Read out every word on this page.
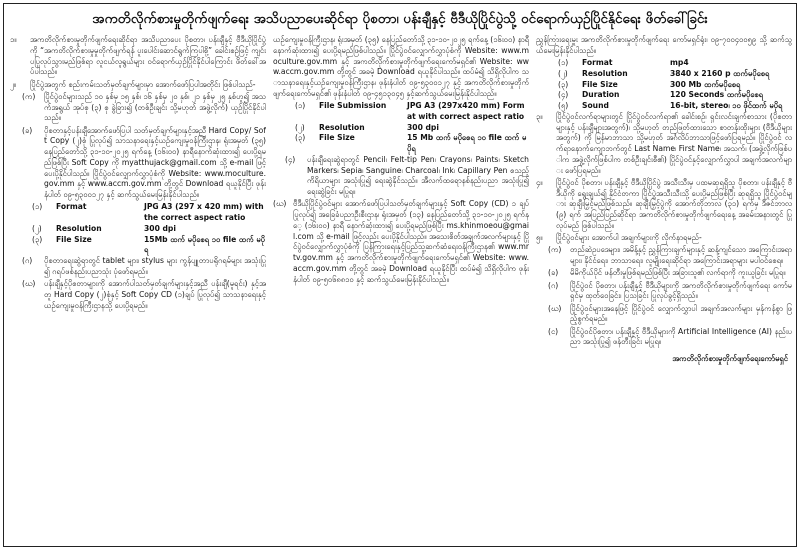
အကတိလိုက်စားမှုတိုက်ဖျက်ရေး အသိပညာပေးဆိုင်ရာ ပိုစတာ၊ ပန်းချီနှင့် ဗီဒီယိုပြိုင်ပွဲသို့ ဝင်ရောက်ယှဉ်ပြိုင်နိုင်ရေး ဖိတ်ခေါ်ခြင်း
၁။	အကတိလိုက်စားမှုတိုက်ဖျက်ရေးဆိုင်ရာ အသိပညာပေး ပိုစတာ၊ ပန်းချီနှင့် ဗီဒီယိုပြိုင်ပွဲကို “အကတိလိုက်စားမှုမှုတိုက်ဖျက်ရန် ပူးပေါင်းဆောင်ရွက်ကြပါစို့” ခေါင်းစဉ်ဖြင့် ကျင်းပပြုလုပ်သွားမည်ဖြစ်ရာ လူငယ်လူရွယ်များ ဝင်ရောက်ယှဉ်ပြိုင်နိုင်ပါကြောင်း ဖိတ်ခေါ်အပ်ပါသည်။
၂။	ပြိုင်ပွဲအတွက် စည်းကမ်းသတ်မှတ်ချက်များမှာ အောက်ဖော်ပြပါအတိုင်း ဖြစ်ပါသည်-
(က)	ပြိုင်ပွဲဝင်များသည် ၁၀ နှစ်မှ ၁၅ နှစ်၊ ၁၆ နှစ်မှ ၂၀ နှစ်၊ ၂၁ နှစ်မှ ၂၅ နှစ်ဟူ၍ အသက်အရွယ် အုပ်စု (၃) စု ခွဲခြား၍ (တစ်ဦးချင်း သို့မဟုတ် အဖွဲ့လိုက်) ယှဉ်ပြိုင်နိုင်ပါသည်။
(ခ)	ပိုစတာနှင့်ပန်းချီအောက်ဖော်ပြပါ သတ်မှတ်ချက်များနှင့်အညီ Hard Copy/ Soft Copy (၂)စုံ ပြုလုပ်၍ သာသနာရေးနှင့်ယဉ်ကျေးမှုဝန်ကြီးဌာန၊ ရုံးအမှတ် (၃၅) နေပြည်တော်သို့ ၃၁-၁၀-၂၀၂၅ ရက်နေ့ (၁၆း၀၀) နာရီနောက်ဆုံးထား၍ ပေးပို့ရမည်ဖြစ်ပြီး Soft Copy ကို myatthujack@gmail.com သို့ e-mail ဖြင့်ပေးပို့နိုင်ပါသည်။ ပြိုင်ပွဲဝင်လျှောက်လွှာပုံစံကို Website: www.moculture.gov.mm နှင့် www.accm.gov.mm တို့တွင် Download ရယူနိုင်ပြီး ဖုန်းနံပါတ် ၀၉-၅၃၀၀၁၂၇ နှင့် ဆက်သွယ်မေးမြန်းနိုင်ပါသည်။
(၁)	Format	JPG A3 (297 x 420 mm) with the correct aspect ratio
(၂)	Resolution	300 dpi
(၃)	File Size	15Mb ထက် မပိုစေရ ၁၀ file ထက် မပိုရ
(ဂ)	ပိုစတာရေးဆွဲရာတွင် tablet များ၊ stylus များ ကွန်ပျူတာပရိုဂရမ်များ အသုံးပြု၍ ဂရပ်ဖစ်နည်းပညာသုံး ပုံဖော်ရမည်။
(ဃ)	ပန်းချီနှင့်ပိုစတာများကို အောက်ပါသတ်မှတ်ချက်များနှင့်အညီ ပန်းချီ(မူရင်း) နှင့်အတူ Hard Copy (၂)စုံနှင့် Soft Copy CD (၁)ချပ် ပြုလုပ်၍ သာသနာရေးနှင့်ယဉ်ကျေးမှုဝန်ကြီးဌာနသို့ ပေးပို့ရမည်။
ယဉ်ကျေးမှုဝန်ကြီးဌာန၊ ရုံးအမှတ် (၃၅) နေပြည်တော်သို့ ၃၁-၁၀-၂၀၂၅ ရက်နေ့ (၁၆း၀၀) နာရီနောက်ဆုံးထား၍ ပေးပို့ရမည်ဖြစ်ပါသည်။ ပြိုင်ပွဲဝင်လျှောက်လွှာပုံစံကို Website: www.moculture.gov.mm နှင့် အကတိလိုက်စားမှုတိုက်ဖျက်ရေးကော်မရှင်၏ Website: www.accm.gov.mm တို့တွင် အခမဲ့ Download ရယူနိုင်ပါသည်။ ထပ်မံ၍ သိရှိလိုပါက သာသနာရေးနှင့်ယဉ်ကျေးမှုဝန်ကြီးဌာန၊ ဖုန်းနံပါတ် ၀၉-၅၃၀၀၁၂၇ နှင့် အကတိလိုက်စားမှုတိုက်ဖျက်ရေးကော်မရှင်၏ ဖုန်းနံပါတ် ၀၉-၄၅၁၃၀၄၅ နှင့်ဆက်သွယ်မေးမြန်းနိုင်ပါသည်။
(၁)	File Submission	JPG A3 (297x420 mm) Format with correct aspect ratio
(၂)	Resolution	300 dpi
(၃)	File Size	15 Mb ထက် မပိုစေရ ၁၀ file ထက် မပိုရ
(၄)	ပန်းချီရေးဆွဲရာတွင် Pencil၊ Felt-tip Pen၊ Crayons၊ Paints၊ Sketch Markers၊ Sepia၊ Sanguine၊ Charcoal၊ Ink၊ Capillary Pen စသည့် ကိရိယာများ အသုံးပြု၍ ရေးဆွဲနိုင်သည်။ အီလက်ထရောနစ်နည်းပညာ အသုံးပြု၍ ရေးဆွဲခြင်း မပြုရ။
(ဃ) ဗီဒီယိုပြိုင်ပွဲဝင်များ အောက်ဖော်ပြပါသတ်မှတ်ချက်များနှင့် Soft Copy (CD) ၁ ချပ် ပြုလုပ်၍ အခြေခံပညာဦးစီးဌာန၊ ရုံးအမှတ် (၁၃) နေပြည်တော်သို့ ၃၁-၁၀-၂၀၂၅ ရက်နေ့ (၁၆း၀၀) နာရီ နောက်ဆုံးထား၍ ပေးပို့ရမည်ဖြစ်ပြီး ms.khinmoeou@gmail.com သို့ e-mail ဖြင့်လည်း ပေးပို့နိုင်ပါသည်။ အသေးစိတ်အချက်အလက်များနှင့် ပြိုင်ပွဲဝင်လျှောက်လွှာပုံစံကို ပြန်ကြားရေးနှင့်ပြည်သူ့ဆက်ဆံရေးဝန်ကြီးဌာန၏ www.mrtv.gov.mm နှင့် အကတိလိုက်စားမှုတိုက်ဖျက်ရေးကော်မရှင်၏ Website: www.accm.gov.mm တို့တွင် အခမဲ့ Download ရယူနိုင်ပြီး ထပ်မံ၍ သိရှိလိုပါက ဖုန်းနံပါတ် ၀၉-၅၀၆၈၈၁၀ နှင့် ဆက်သွယ်မေးမြန်းနိုင်ပါသည်။
ညွှန်ကြားရေးမှူး အကတိလိုက်စားမှုတိုက်ဖျက်ရေး ကော်မရှင်ရုံး၊ ၀၉-၇၀၀၄၀၀၅၉ သို့ ဆက်သွယ်မေးမြန်းနိုင်ပါသည်။
(၁)	Format	mp4
(၂)	Resolution	3840 x 2160 p ထက်မပိုစေရ
(၃)	File Size	300 Mb ထက်မပိုစေရ
(၄)	Duration	120 Seconds ထက်မပိုစေရ
(၅)	Sound	16-bit, stereo၊ ၁၀ ဖိုင်ထက် မပိုရ
၃။	ပြိုင်ပွဲဝင်လက်ရာများတွင် ပြိုင်ပွဲဝင်လက်ရာ၏ ခေါင်းစဉ်၊ ရှင်းလင်းချက်စာသား (ပိုစတာများနှင့် ပန်းချီများအတွက်)၊ သို့မဟုတ် တည်ဖြတ်ထားသော စာတန်းထိုးများ (ဗီဒီယိုများအတွက်) ကို မြန်မာဘာသာ သို့မဟုတ် အင်္ဂလိပ်ဘာသာဖြင့်ဖော်ပြရမည်။ ပြိုင်ပွဲဝင် လက်ရာနောက်ကျောဘက်တွင် Last Name၊ First Name၊ အသက်၊ (အဖွဲ့လိုက်ဖြစ်ပါက အဖွဲ့လိုက်ဖြစ်ပါက တစ်ဦးချင်းစီ၏) ပြိုင်ပွဲဝင်နှင့်လျှောက်လွှာပါ အချက်အလက်များ ဖော်ပြရမည်။
၄။	ပြိုင်ပွဲဝင် ပိုစတာ၊ ပန်းချီနှင့် ဗီဒီယိုပြိုင်ပွဲ အသီးသီးမှ ပထမဆုရရှိသူ ပိုစတာ၊ ပန်းချီနှင့် ဗီဒီယိုကို ရွေးချယ်၍ နိုင်ငံတကာ ပြိုင်ပွဲအသီးသီးသို့ ပေးပို့မည်ဖြစ်ပြီး ဆုရရှိသူ ပြိုင်ပွဲဝင်များ ဆုချီးမြှင့်မည်ဖြစ်သည်။ ဆုချီးမြှင့်ပွဲကို အောက်တိုဘာလ (၃၁) ရက်မှ ဒီဇင်ဘာလ (၉) ရက် အပြည်ပြည်ဆိုင်ရာ အကတိလိုက်စားမှုတိုက်ဖျက်ရေးနေ့ အခမ်းအနားတွင် ပြုလုပ်မည် ဖြစ်ပါသည်။
၅။	ပြိုင်ပွဲဝင်များ အောက်ပါ အချက်များကို လိုက်နာရမည်-
(က)	တည်ဆဲဥပဒေများ၊ အမိန့်နှင့် ညွှန်ကြားချက်များနှင့် ဆန့်ကျင်သော အကြောင်းအရာများ၊ နိုင်ငံရေး၊ ဘာသာရေး၊ လူမျိုးရေးဆိုင်ရာ အကြောင်းအရာများ မပါဝင်စေရ။
(ခ)	မိမိကိုယ်ပိုင် ဖန်တီးမှုဖြစ်ရမည်ဖြစ်ပြီး အခြားသူ၏ လက်ရာကို ကူးယူခြင်း မပြုရ။
(ဂ)	ပြိုင်ပွဲဝင် ပိုစတာ၊ ပန်းချီနှင့် ဗီဒီယိုများကို အကတိလိုက်စားမှုတိုက်ဖျက်ရေး ကော်မရှင်မှ ထုတ်ဝေခြင်း၊ ပြသခြင်း ပြုလုပ်ခွင့်ရှိသည်။
(ဃ)	ပြိုင်ပွဲဝင်များအနေဖြင့် ပြိုင်ပွဲဝင် လျှောက်လွှာပါ အချက်အလက်များ မှန်ကန်စွာ ဖြည့်စွက်ရမည်။
(င)	ပြိုင်ပွဲဝင်ပိုစတာ၊ ပန်းချီနှင့် ဗီဒီယိုများကို Artificial Intelligence (AI) နည်းပညာ အသုံးပြု၍ ဖန်တီးခြင်း မပြုရ။
အကတိလိုက်စားမှုတိုက်ဖျက်ရေးကော်မရှင်
